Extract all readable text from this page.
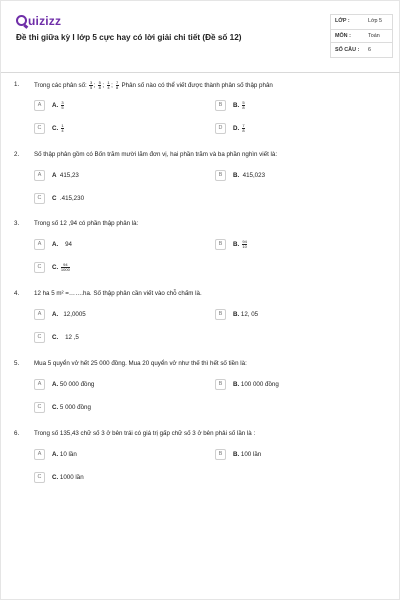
uizizz
Đề thi giữa kỳ I lớp 5 cực hay có lời giải chi tiết (Đề số 12)
LỚP :	Lớp 5
MÔN :	Toán
SỐ CÂU : 6
1. Trong các phân số: $\frac{3}{5}$ ; $\frac{5}{8}$ ; $\frac{1}{4}$ ; $\frac{7}{8}$ Phân số nào có thể viết được thành phân số thập phân
A	A. $\frac{3}{5}$	B	B. $\frac{5}{8}$
C	C. $\frac{1}{4}$	D	D. $\frac{7}{8}$
2. Số thập phân gồm có Bốn trăm mười lăm đơn vị, hai phần trăm và ba phần nghìn viết là:
A	A 415,23	B	B. 415,023
C	C .415,230
3. Trong số 12 ,94 có phần thập phân là:
A	A. 94	B	B. $\frac{94}{10}$
C	C. $\frac{94}{1000}$
4. 12 ha 5 m² =…….ha. Số thập phân cần viết vào chỗ chấm là.
A	A. 12,0005	B	B. 12, 05
C	C. 12 ,5
5. Mua 5 quyển vở hết 25 000 đồng. Mua 20 quyển vở như thế thì hết số tiền là:
A	A. 50 000 đồng	B	B. 100 000 đồng
C	C. 5 000 đồng
6. Trong số 135,43 chữ số 3 ở bên trái có giá trị gấp chữ số 3 ở bên phải số lần là :
A	A. 10 lần	B	B. 100 lần
C	C. 1000 lần
